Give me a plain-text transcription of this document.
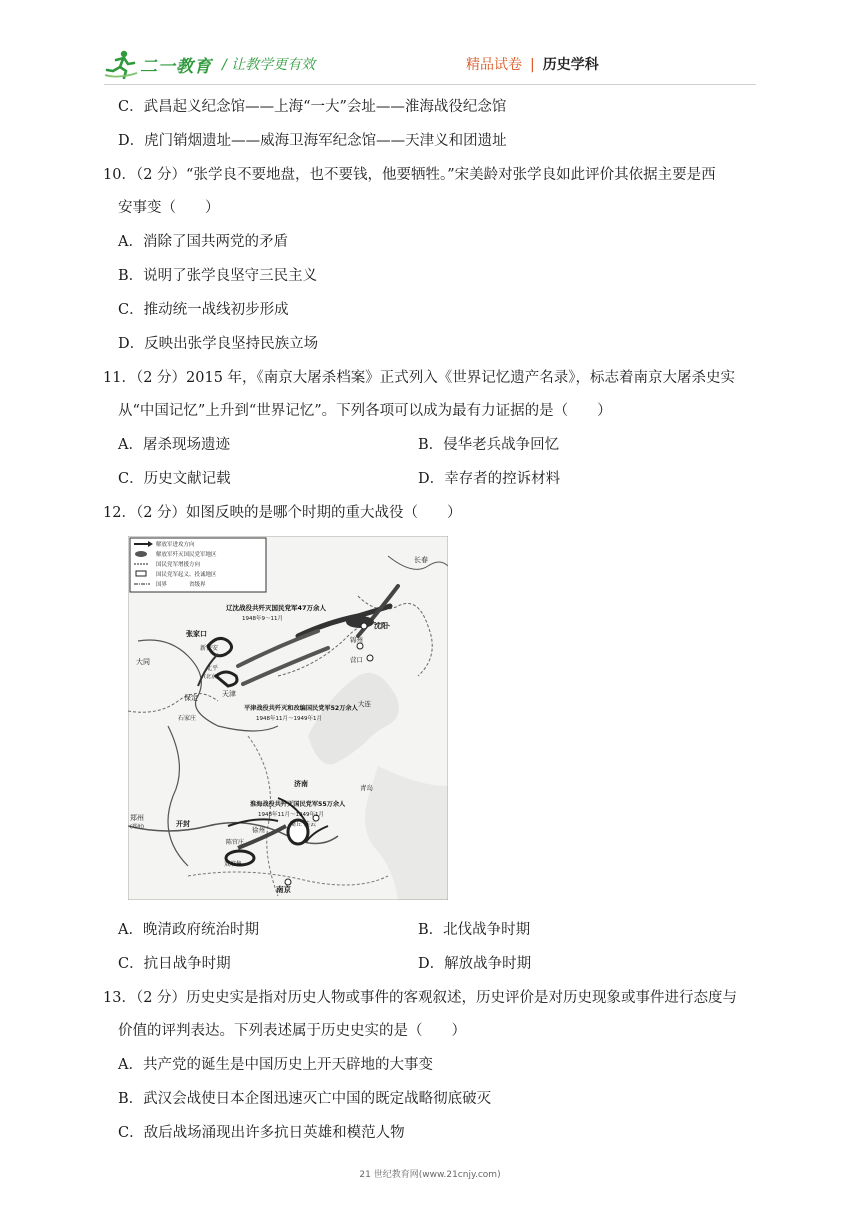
二一教育 / 让教学更有效	精品试卷 | 历史学科
C．武昌起义纪念馆——上海“一大”会址——淮海战役纪念馆
D．虎门销烟遗址——威海卫海军纪念馆——天津义和团遗址
10．（2 分）“张学良不要地盘，也不要钱，他要牺牲。”宋美龄对张学良如此评价其依据主要是西
安事变（　　）
A．消除了国共两党的矛盾
B．说明了张学良坚守三民主义
C．推动统一战线初步形成
D．反映出张学良坚持民族立场
11．（2 分）2015 年，《南京大屠杀档案》正式列入《世界记忆遗产名录》，标志着南京大屠杀史实
从“中国记忆”上升到“世界记忆”。下列各项可以成为最有力证据的是（　　）
A．屠杀现场遗迹	B．侵华老兵战争回忆
C．历史文献记载	D．幸存者的控诉材料
12．（2 分）如图反映的是哪个时期的重大战役（　　）
解放军进攻方向
解放军歼灭国民党军地区
国民党军增援方向
国民党军起义、投诚地区
国界　　　　省级界
辽沈战役共歼灭国民党军47万余人
1948年9～11月
长春
沈阳
锦州
营口
大连
张家口
新保安
大同
北平
(北京)
天津
保定
石家庄
平津战役共歼灭和改编国民党军52万余人
1948年11月～1949年1月
济南	青岛
淮海战役共歼灭国民党军55万余人
1948年11月～1949年1月
郑州
(郑州)	开封
徐州
陈官庄
商丘 连云
双堆集
南京
A．晚清政府统治时期	B．北伐战争时期
C．抗日战争时期	D．解放战争时期
13．（2 分）历史史实是指对历史人物或事件的客观叙述，历史评价是对历史现象或事件进行态度与
价值的评判表达。下列表述属于历史史实的是（　　）
A．共产党的诞生是中国历史上开天辟地的大事变
B．武汉会战使日本企图迅速灭亡中国的既定战略彻底破灭
C．敌后战场涌现出许多抗日英雄和模范人物
21 世纪教育网(www.21cnjy.com)
